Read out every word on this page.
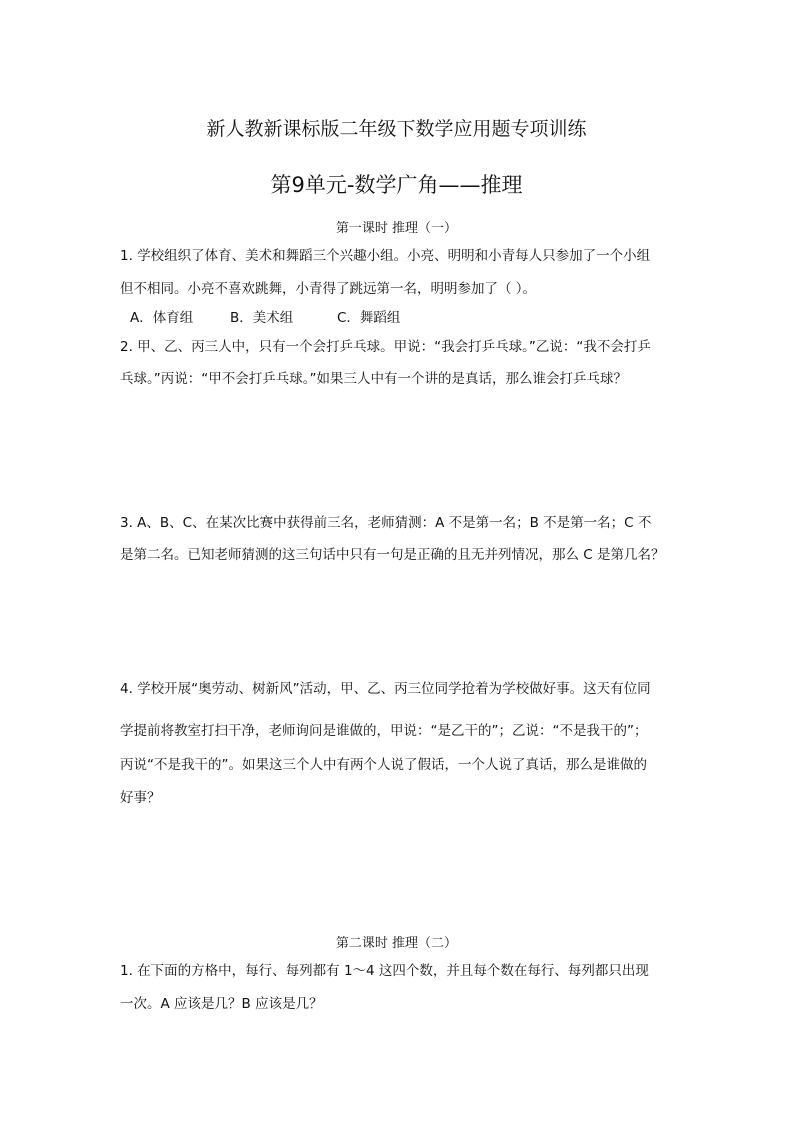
新人教新课标版二年级下数学应用题专项训练
第9单元-数学广角——推理
第一课时 推理（一）
1. 学校组织了体育、美术和舞蹈三个兴趣小组。小亮、明明和小青每人只参加了一个小组
但不相同。小亮不喜欢跳舞，小青得了跳远第一名，明明参加了（ ）。
A．体育组	B．美术组	C．舞蹈组
2. 甲、乙、丙三人中，只有一个会打乒乓球。甲说：“我会打乒乓球。”乙说：“我不会打乒
乓球。”丙说：“甲不会打乒乓球。”如果三人中有一个讲的是真话，那么谁会打乒乓球？
3. A、B、C、在某次比赛中获得前三名，老师猜测：A 不是第一名；B 不是第一名；C 不
是第二名。已知老师猜测的这三句话中只有一句是正确的且无并列情况，那么 C 是第几名？
4. 学校开展“奥劳动、树新风”活动，甲、乙、丙三位同学抢着为学校做好事。这天有位同
学提前将教室打扫干净，老师询问是谁做的，甲说：“是乙干的”；乙说：“不是我干的”；
丙说“不是我干的”。如果这三个人中有两个人说了假话，一个人说了真话，那么是谁做的
好事？
第二课时 推理（二）
1. 在下面的方格中，每行、每列都有 1～4 这四个数，并且每个数在每行、每列都只出现
一次。A 应该是几？B 应该是几？
